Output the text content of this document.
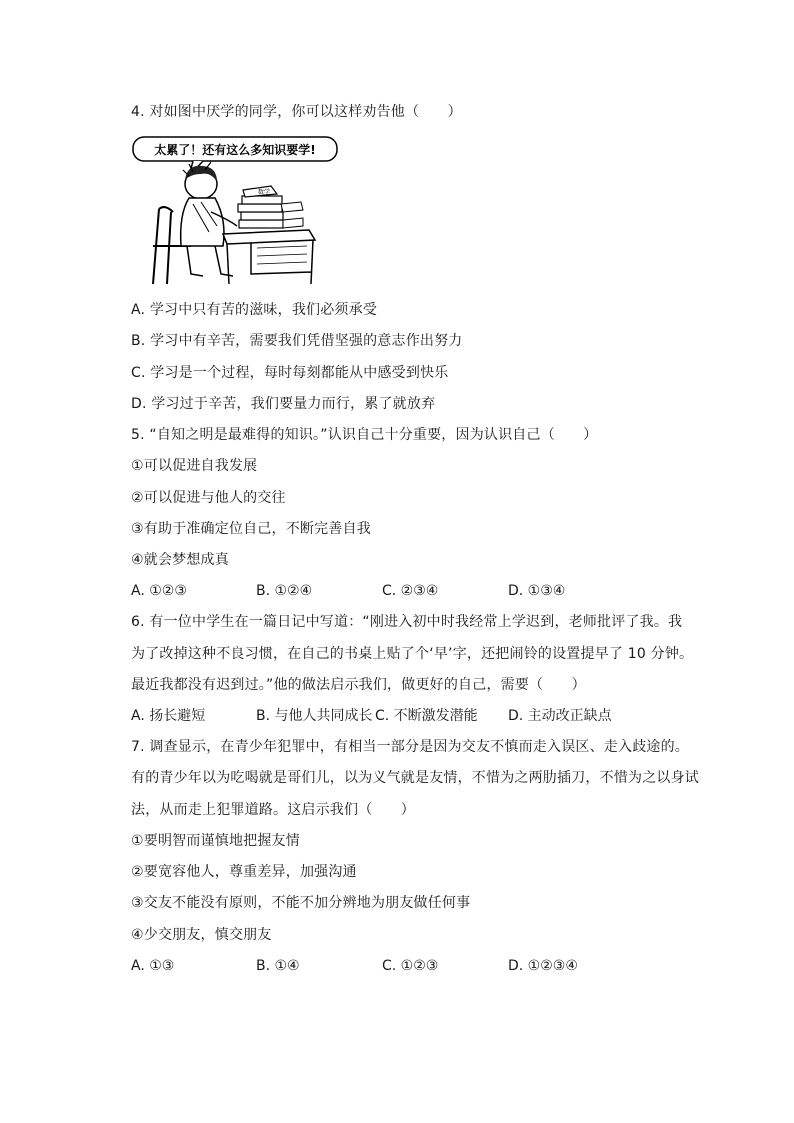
4. 对如图中厌学的同学，你可以这样劝告他（　　）
太累了！还有这么多知识要学!
数学
A. 学习中只有苦的滋味，我们必须承受
B. 学习中有辛苦，需要我们凭借坚强的意志作出努力
C. 学习是一个过程，每时每刻都能从中感受到快乐
D. 学习过于辛苦，我们要量力而行，累了就放弃
5. “自知之明是最难得的知识。”认识自己十分重要，因为认识自己（　　）
①可以促进自我发展
②可以促进与他人的交往
③有助于准确定位自己，不断完善自我
④就会梦想成真
A. ①②③	B. ①②④	C. ②③④	D. ①③④
6. 有一位中学生在一篇日记中写道：“刚进入初中时我经常上学迟到，老师批评了我。我
为了改掉这种不良习惯，在自己的书桌上贴了个‘早’字，还把闹铃的设置提早了 10 分钟。
最近我都没有迟到过。”他的做法启示我们，做更好的自己，需要（　　）
A. 扬长避短	B. 与他人共同成长 C. 不断激发潜能 D. 主动改正缺点
7. 调查显示，在青少年犯罪中，有相当一部分是因为交友不慎而走入误区、走入歧途的。
有的青少年以为吃喝就是哥们儿，以为义气就是友情，不惜为之两肋插刀，不惜为之以身试
法，从而走上犯罪道路。这启示我们（　　）
①要明智而谨慎地把握友情
②要宽容他人，尊重差异，加强沟通
③交友不能没有原则，不能不加分辨地为朋友做任何事
④少交朋友，慎交朋友
A. ①③	B. ①④	C. ①②③	D. ①②③④
